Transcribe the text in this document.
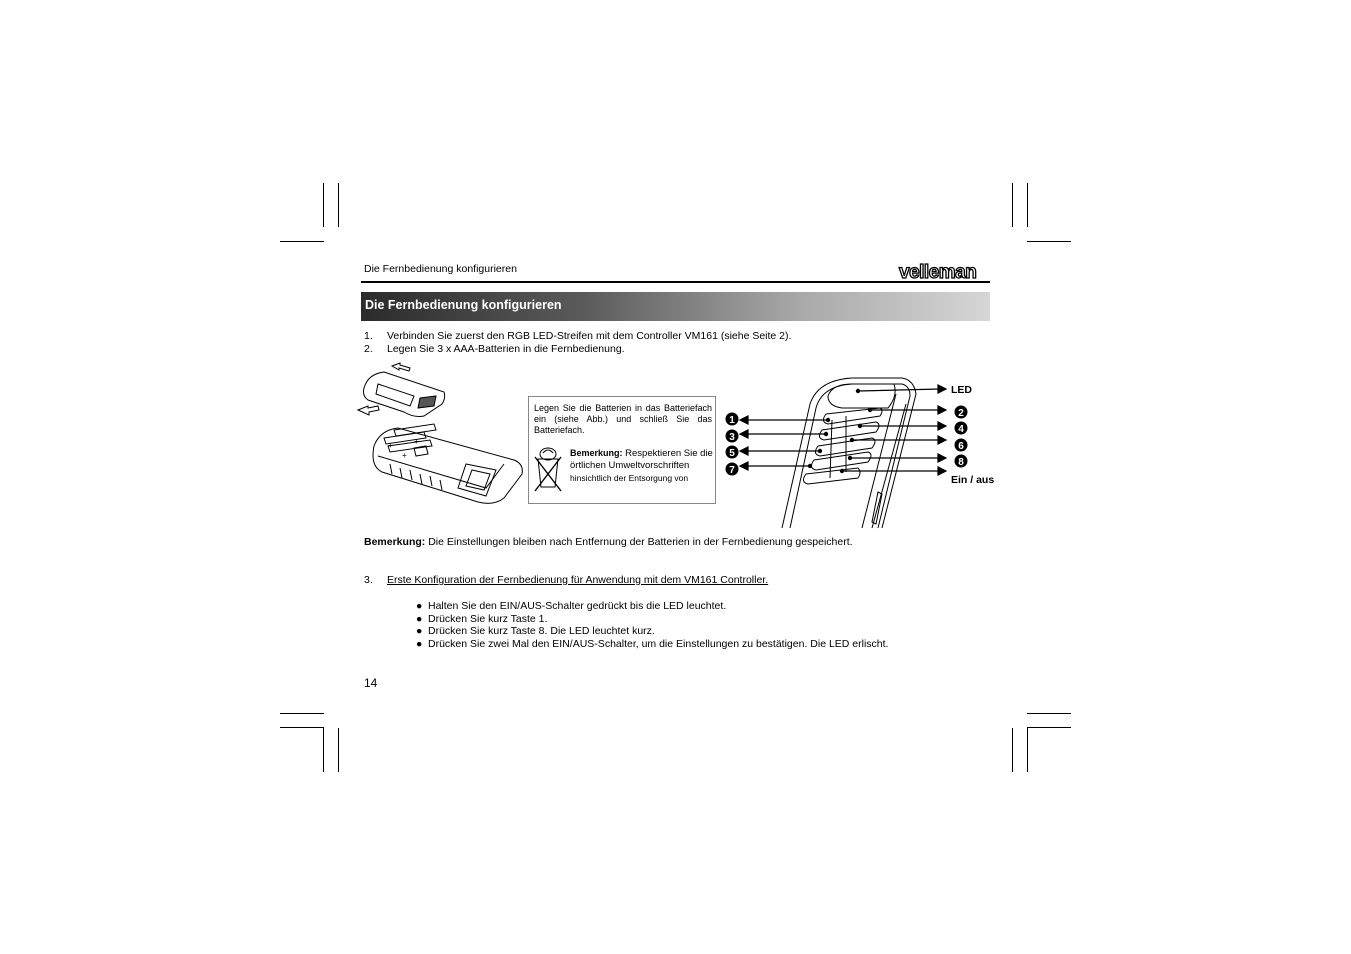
Die Fernbedienung konfigurieren	velleman
Die Fernbedienung konfigurieren
1. Verbinden Sie zuerst den RGB LED-Streifen mit dem Controller VM161 (siehe Seite 2).
2. Legen Sie 3 x AAA-Batterien in die Fernbedienung.
+	+
+
Legen Sie die Batterien in das Batteriefach ein (siehe Abb.) und schließ Sie das Batteriefach.
Bemerkung: Respektieren Sie die örtlichen Umweltvorschriften
hinsichtlich der Entsorgung von
1
3
5
7
2
4
6
8
LED
Ein / aus
Bemerkung: Die Einstellungen bleiben nach Entfernung der Batterien in der Fernbedienung gespeichert.
3. Erste Konfiguration der Fernbedienung für Anwendung mit dem VM161 Controller.
● Halten Sie den EIN/AUS-Schalter gedrückt bis die LED leuchtet.
● Drücken Sie kurz Taste 1.
● Drücken Sie kurz Taste 8. Die LED leuchtet kurz.
● Drücken Sie zwei Mal den EIN/AUS-Schalter, um die Einstellungen zu bestätigen. Die LED erlischt.
14
